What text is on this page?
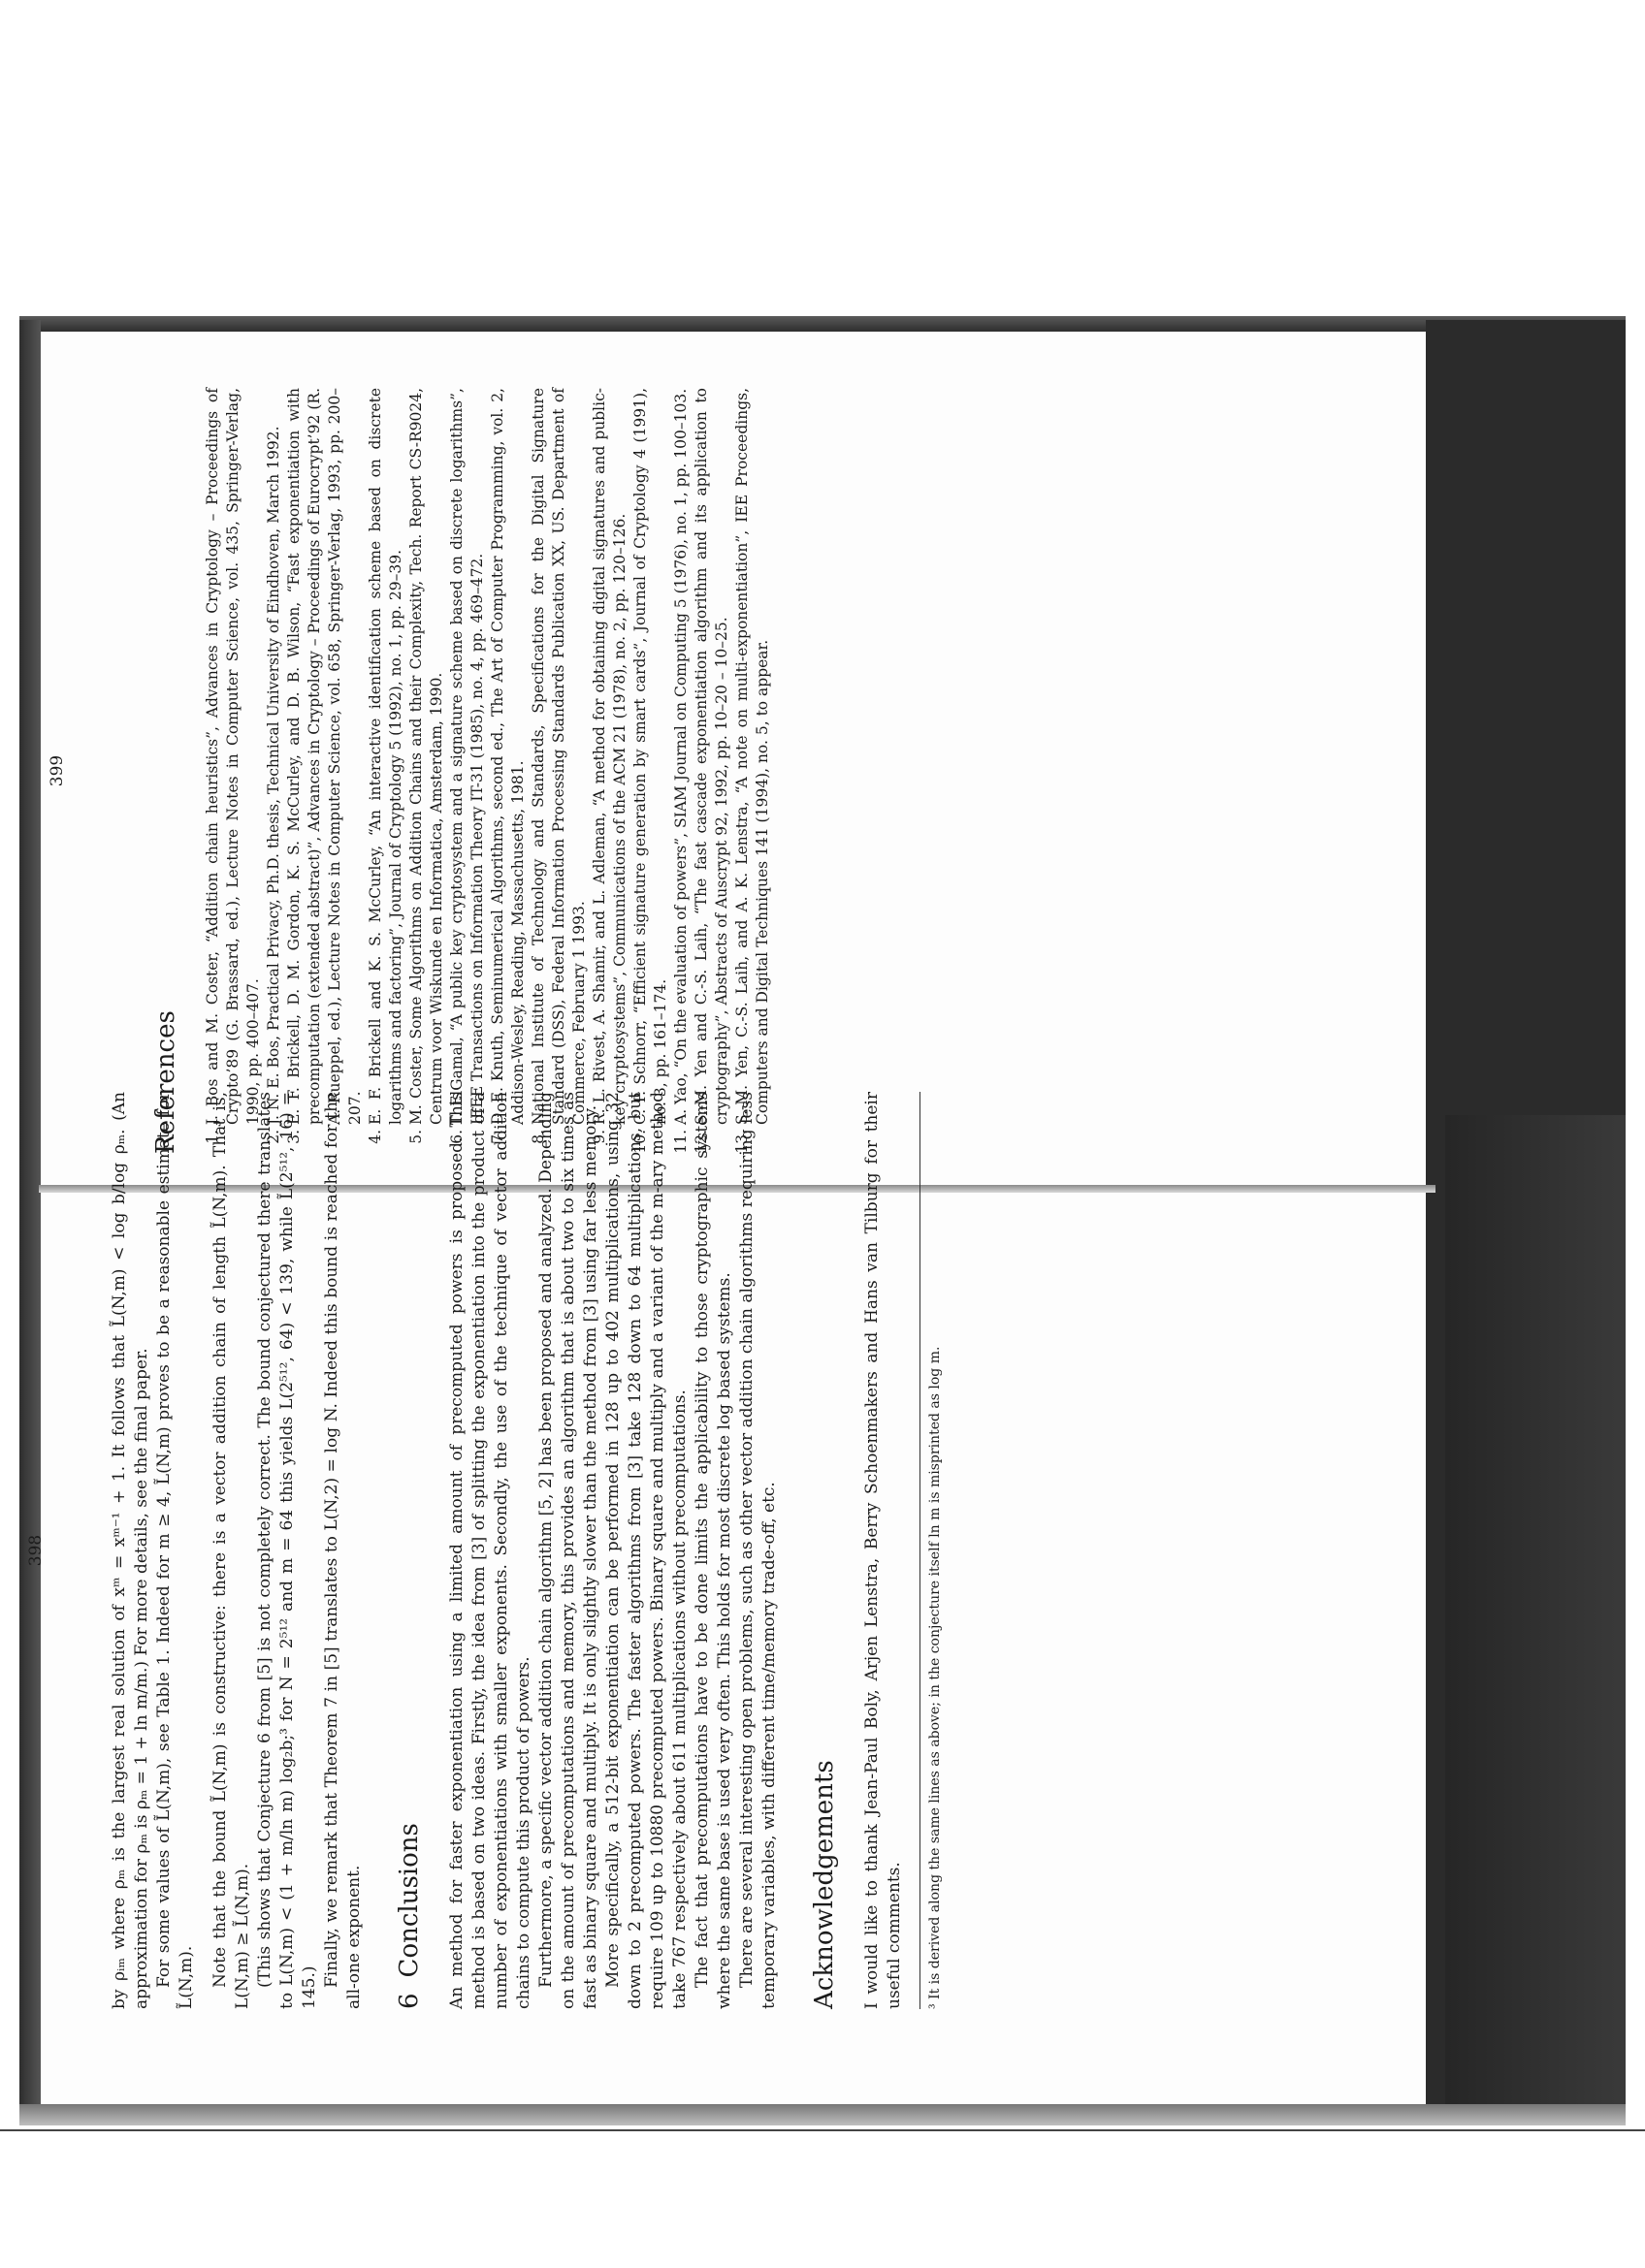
398	by ρᵢₘ where ρₘ is the largest real solution of xᵐ = xᵐ⁻¹ + 1. It follows that L̃(N,m) < log b/log ρₘ. (An approximation for ρₘ is ρₘ = 1 + ln m/m.) For more details, see the final paper. For some values of L̃(N,m), see Table 1. Indeed for m ≥ 4, L̃(N,m) proves to be a reasonable estimate for L̃(N,m). Note that the bound L̃(N,m) is constructive: there is a vector addition chain of length L̃(N,m). That is, L(N,m) ≥ L̃(N,m). (This shows that Conjecture 6 from [5] is not completely correct. The bound conjectured there translates to L(N,m) < (1 + m/ln m) log₂b;³ for N = 2⁵¹² and m = 64 this yields L(2⁵¹², 64) < 139, while L̃(2⁵¹², 16) = 145.) Finally, we remark that Theorem 7 in [5] translates to L(N,2) = log N. Indeed this bound is reached for the all-one exponent. 6Conclusions An method for faster exponentiation using a limited amount of precomputed powers is proposed. This method is based on two ideas. Firstly, the idea from [3] of splitting the exponentiation into the product of a number of exponentiations with smaller exponents. Secondly, the use of the technique of vector addition chains to compute this product of powers. Furthermore, a specific vector addition chain algorithm [5, 2] has been proposed and analyzed. Depending on the amount of precomputations and memory, this provides an algorithm that is about two to six times as fast as binary square and multiply. It is only slightly slower than the method from [3] using far less memory. More specifically, a 512-bit exponentiation can be performed in 128 up to 402 multiplications, using 32 down to 2 precomputed powers. The faster algorithms from [3] take 128 down to 64 multiplications, but require 109 up to 10880 precomputed powers. Binary square and multiply and a variant of the m-ary method take 767 respectively about 611 multiplications without precomputations. The fact that precomputations have to be done limits the applicability to those cryptographic systems where the same base is used very often. This holds for most discrete log based systems. There are several interesting open problems, such as other vector addition chain algorithms requiring less temporary variables, with different time/memory trade-off, etc. Acknowledgements I would like to thank Jean-Paul Boly, Arjen Lenstra, Berry Schoenmakers and Hans van Tilburg for their useful comments.	³ It is derived along the same lines as above; in the conjecture itself ln m is misprinted as log m.
399
References 1. J. Bos and M. Coster, “Addition chain heuristics”, Advances in Cryptology – Proceedings of Crypto’89 (G. Brassard, ed.), Lecture Notes in Computer Science, vol. 435, Springer-Verlag, 1990, pp. 400–407. 2. J. N. E. Bos, Practical Privacy, Ph.D. thesis, Technical University of Eindhoven, March 1992. 3. E. F. Brickell, D. M. Gordon, K. S. McCurley, and D. B. Wilson, “Fast exponentiation with precomputation (extended abstract)”, Advances in Cryptology – Proceedings of Eurocrypt’92 (R. A. Rueppel, ed.), Lecture Notes in Computer Science, vol. 658, Springer-Verlag, 1993, pp. 200–207. 4. E. F. Brickell and K. S. McCurley, “An interactive identification scheme based on discrete logarithms and factoring”, Journal of Cryptology 5 (1992), no. 1, pp. 29–39. 5. M. Coster, Some Algorithms on Addition Chains and their Complexity, Tech. Report CS-R9024, Centrum voor Wiskunde en Informatica, Amsterdam, 1990. 6. T. ElGamal, “A public key cryptosystem and a signature scheme based on discrete logarithms”, IEEE Transactions on Information Theory IT-31 (1985), no. 4, pp. 469–472. 7. D. E. Knuth, Seminumerical Algorithms, second ed., The Art of Computer Programming, vol. 2, Addison-Wesley, Reading, Massachusetts, 1981. 8. National Institute of Technology and Standards, Specifications for the Digital Signature Standard (DSS), Federal Information Processing Standards Publication XX, US. Department of Commerce, February 1 1993. 9. R. L. Rivest, A. Shamir, and L. Adleman, “A method for obtaining digital signatures and public-key cryptosystems”, Communications of the ACM 21 (1978), no. 2, pp. 120–126. 10. C. P. Schnorr, “Efficient signature generation by smart cards”, Journal of Cryptology 4 (1991), no. 3, pp. 161–174. 11. A. Yao, “On the evaluation of powers”, SIAM Journal on Computing 5 (1976), no. 1, pp. 100–103. 12. S.-M. Yen and C.-S. Laih, “The fast cascade exponentiation algorithm and its application to cryptography”, Abstracts of Auscrypt 92, 1992, pp. 10–20 – 10–25. 13. S.-M. Yen, C.-S. Laih, and A. K. Lenstra, “A note on multi-exponentiation”, IEE Proceedings, Computers and Digital Techniques 141 (1994), no. 5, to appear.
